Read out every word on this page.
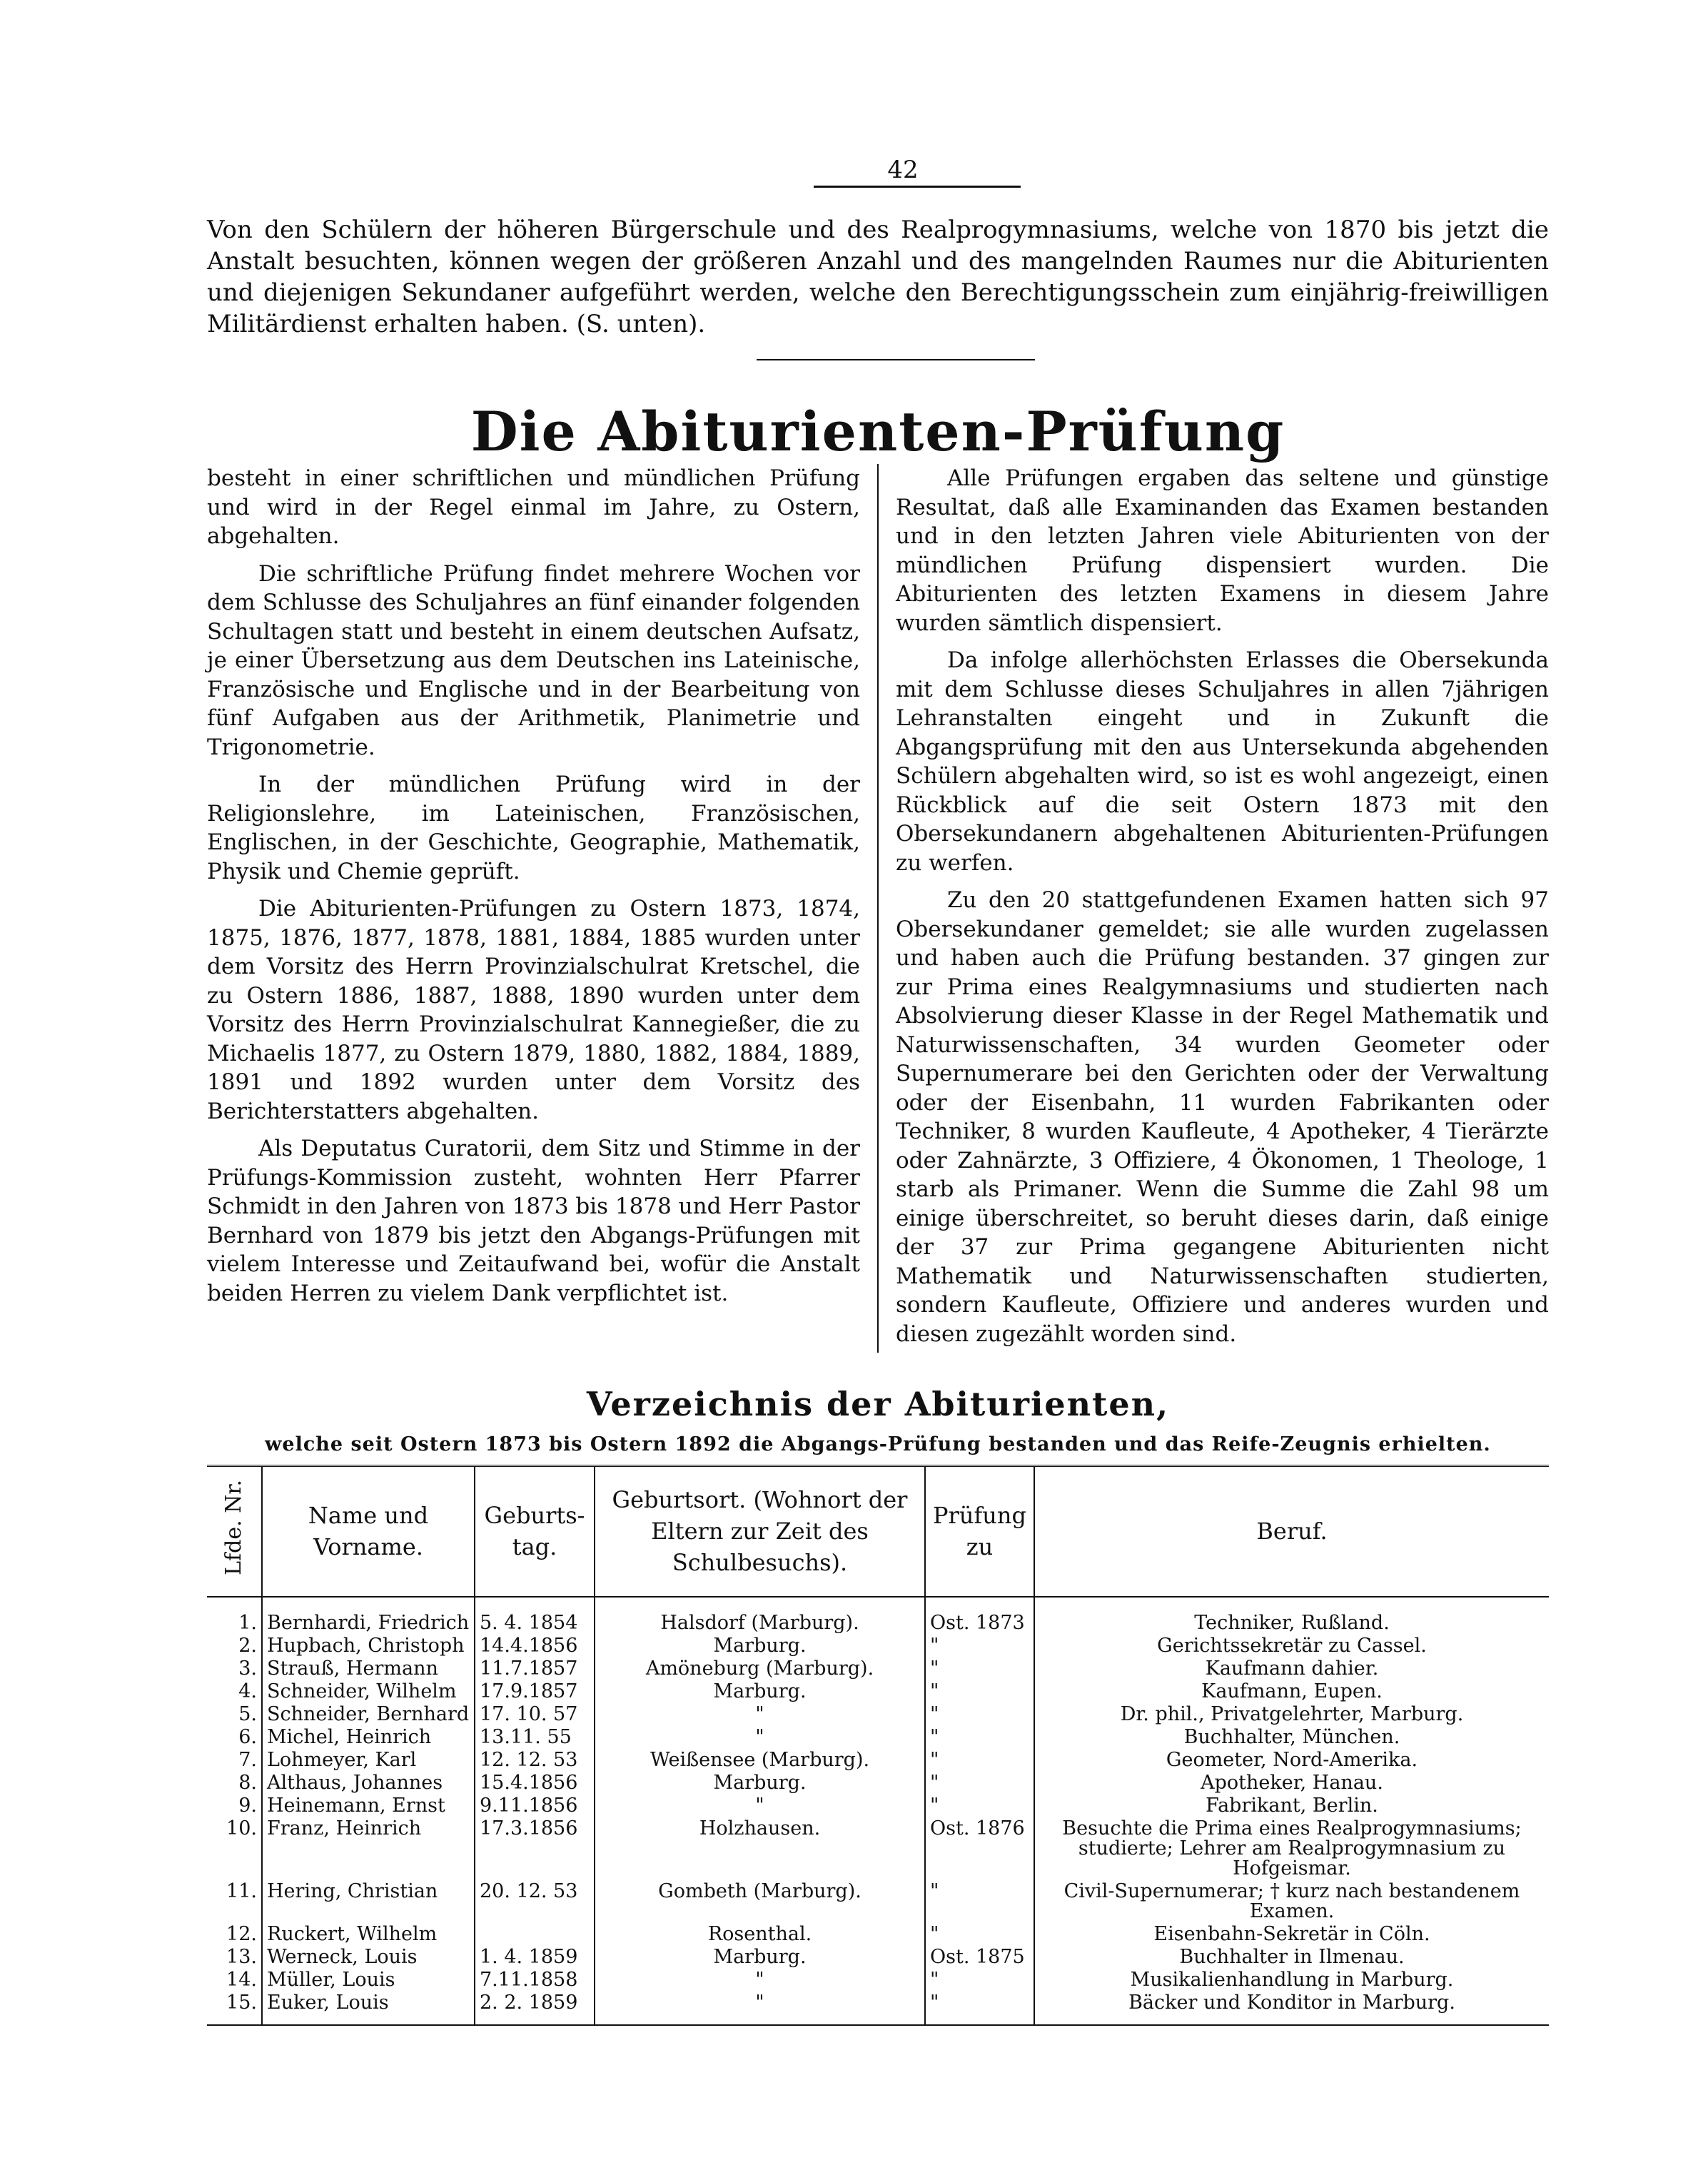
42
Von den Schülern der höheren Bürgerschule und des Realprogymnasiums, welche von 1870 bis jetzt die Anstalt besuchten, können wegen der größeren Anzahl und des mangelnden Raumes nur die Abiturienten und diejenigen Sekundaner aufgeführt werden, welche den Berechtigungsschein zum einjährig-freiwilligen Militärdienst erhalten haben. (S. unten).
Die Abiturienten-Prüfung

besteht in einer schriftlichen und mündlichen Prüfung und wird in der Regel einmal im Jahre, zu Ostern, abgehalten.

Die schriftliche Prüfung findet mehrere Wochen vor dem Schlusse des Schuljahres an fünf einander folgenden Schultagen statt und besteht in einem deutschen Aufsatz, je einer Übersetzung aus dem Deutschen ins Lateinische, Französische und Englische und in der Bearbeitung von fünf Aufgaben aus der Arithmetik, Planimetrie und Trigonometrie.

In der mündlichen Prüfung wird in der Religionslehre, im Lateinischen, Französischen, Englischen, in der Geschichte, Geographie, Mathematik, Physik und Chemie geprüft.

Die Abiturienten-Prüfungen zu Ostern 1873, 1874, 1875, 1876, 1877, 1878, 1881, 1884, 1885 wurden unter dem Vorsitz des Herrn Provinzialschulrat Kretschel, die zu Ostern 1886, 1887, 1888, 1890 wurden unter dem Vorsitz des Herrn Provinzialschulrat Kannegießer, die zu Michaelis 1877, zu Ostern 1879, 1880, 1882, 1884, 1889, 1891 und 1892 wurden unter dem Vorsitz des Berichterstatters abgehalten.

Als Deputatus Curatorii, dem Sitz und Stimme in der Prüfungs-Kommission zusteht, wohnten Herr Pfarrer Schmidt in den Jahren von 1873 bis 1878 und Herr Pastor Bernhard von 1879 bis jetzt den Abgangs-Prüfungen mit vielem Interesse und Zeitaufwand bei, wofür die Anstalt beiden Herren zu vielem Dank verpflichtet ist.

Alle Prüfungen ergaben das seltene und günstige Resultat, daß alle Examinanden das Examen bestanden und in den letzten Jahren viele Abiturienten von der mündlichen Prüfung dispensiert wurden. Die Abiturienten des letzten Examens in diesem Jahre wurden sämtlich dispensiert.

Da infolge allerhöchsten Erlasses die Obersekunda mit dem Schlusse dieses Schuljahres in allen 7jährigen Lehranstalten eingeht und in Zukunft die Abgangsprüfung mit den aus Untersekunda abgehenden Schülern abgehalten wird, so ist es wohl angezeigt, einen Rückblick auf die seit Ostern 1873 mit den Obersekundanern abgehaltenen Abiturienten-Prüfungen zu werfen.

Zu den 20 stattgefundenen Examen hatten sich 97 Obersekundaner gemeldet; sie alle wurden zugelassen und haben auch die Prüfung bestanden. 37 gingen zur zur Prima eines Realgymnasiums und studierten nach Absolvierung dieser Klasse in der Regel Mathematik und Naturwissenschaften, 34 wurden Geometer oder Supernumerare bei den Gerichten oder der Verwaltung oder der Eisenbahn, 11 wurden Fabrikanten oder Techniker, 8 wurden Kaufleute, 4 Apotheker, 4 Tierärzte oder Zahnärzte, 3 Offiziere, 4 Ökonomen, 1 Theologe, 1 starb als Primaner. Wenn die Summe die Zahl 98 um einige überschreitet, so beruht dieses darin, daß einige der 37 zur Prima gegangene Abiturienten nicht Mathematik und Naturwissenschaften studierten, sondern Kaufleute, Offiziere und anderes wurden und diesen zugezählt worden sind.

Verzeichnis der Abiturienten,
welche seit Ostern 1873 bis Ostern 1892 die Abgangs-Prüfung bestanden und das Reife-Zeugnis erhielten.
Lfde. Nr.	Name und Vorname.	Geburts-tag.	Geburtsort. (Wohnort der Eltern zur Zeit des Schulbesuchs).	Prüfung zu	Beruf.
1.	Bernhardi, Friedrich	5. 4. 1854	Halsdorf (Marburg).	Ost. 1873	Techniker, Rußland.
2.	Hupbach, Christoph	14.4.1856	Marburg.	"	Gerichtssekretär zu Cassel.
3.	Strauß, Hermann	11.7.1857	Amöneburg (Marburg).	"	Kaufmann dahier.
4.	Schneider, Wilhelm	17.9.1857	Marburg.	"	Kaufmann, Eupen.
5.	Schneider, Bernhard	17. 10. 57	"	"	Dr. phil., Privatgelehrter, Marburg.
6.	Michel, Heinrich	13.11. 55	"	"	Buchhalter, München.
7.	Lohmeyer, Karl	12. 12. 53	Weißensee (Marburg).	"	Geometer, Nord-Amerika.
8.	Althaus, Johannes	15.4.1856	Marburg.	"	Apotheker, Hanau.
9.	Heinemann, Ernst	9.11.1856	"	"	Fabrikant, Berlin.
10.	Franz, Heinrich	17.3.1856	Holzhausen.	Ost. 1876	Besuchte die Prima eines Realprogymnasiums; studierte; Lehrer am Realprogymnasium zu Hofgeismar.
11.	Hering, Christian	20. 12. 53	Gombeth (Marburg).	"	Civil-Supernumerar; † kurz nach bestandenem Examen.
12.	Ruckert, Wilhelm		Rosenthal.	"	Eisenbahn-Sekretär in Cöln.
13.	Werneck, Louis	1. 4. 1859	Marburg.	Ost. 1875	Buchhalter in Ilmenau.
14.	Müller, Louis	7.11.1858	"	"	Musikalienhandlung in Marburg.
15.	Euker, Louis	2. 2. 1859	"	"	Bäcker und Konditor in Marburg.
